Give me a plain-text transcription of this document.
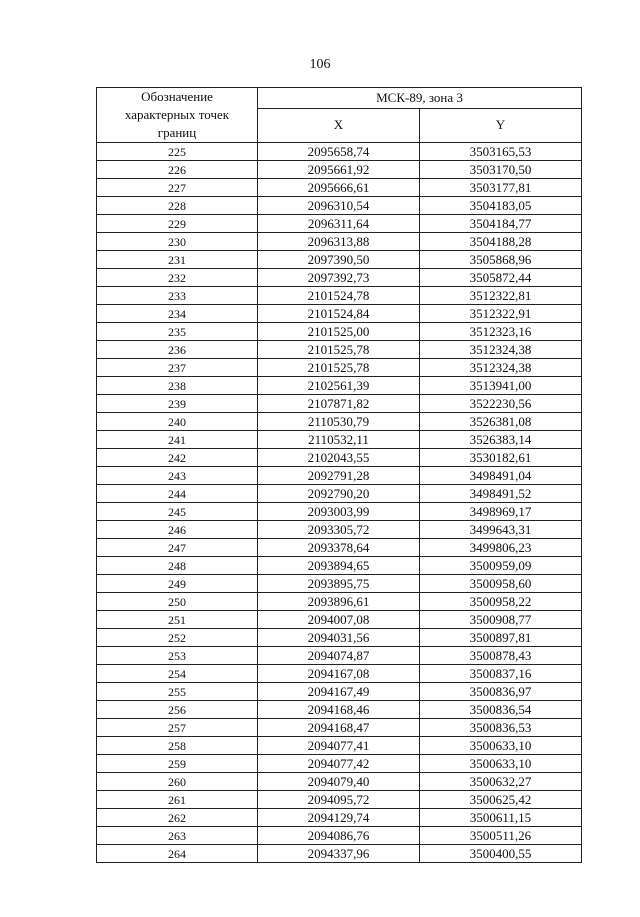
106
Обозначение
характерных точек
границ	МСК-89, зона 3	
	X	Y
225	2095658,74	3503165,53
226	2095661,92	3503170,50
227	2095666,61	3503177,81
228	2096310,54	3504183,05
229	2096311,64	3504184,77
230	2096313,88	3504188,28
231	2097390,50	3505868,96
232	2097392,73	3505872,44
233	2101524,78	3512322,81
234	2101524,84	3512322,91
235	2101525,00	3512323,16
236	2101525,78	3512324,38
237	2101525,78	3512324,38
238	2102561,39	3513941,00
239	2107871,82	3522230,56
240	2110530,79	3526381,08
241	2110532,11	3526383,14
242	2102043,55	3530182,61
243	2092791,28	3498491,04
244	2092790,20	3498491,52
245	2093003,99	3498969,17
246	2093305,72	3499643,31
247	2093378,64	3499806,23
248	2093894,65	3500959,09
249	2093895,75	3500958,60
250	2093896,61	3500958,22
251	2094007,08	3500908,77
252	2094031,56	3500897,81
253	2094074,87	3500878,43
254	2094167,08	3500837,16
255	2094167,49	3500836,97
256	2094168,46	3500836,54
257	2094168,47	3500836,53
258	2094077,41	3500633,10
259	2094077,42	3500633,10
260	2094079,40	3500632,27
261	2094095,72	3500625,42
262	2094129,74	3500611,15
263	2094086,76	3500511,26
264	2094337,96	3500400,55
